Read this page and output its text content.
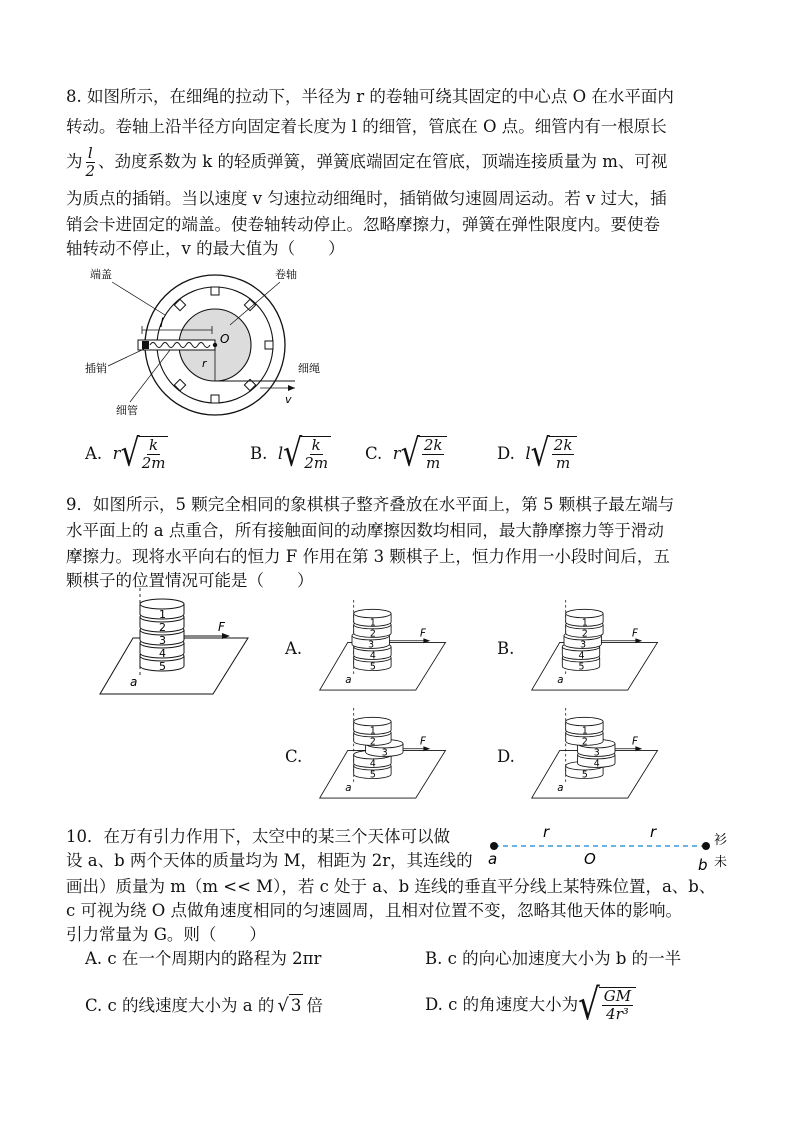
8. 如图所示，在细绳的拉动下，半径为 r 的卷轴可绕其固定的中心点 O 在水平面内
转动。卷轴上沿半径方向固定着长度为 l 的细管，管底在 O 点。细管内有一根原长
为 $\frac{l}{2}$ 、 劲度系数为 k 的轻质弹簧，弹簧底端固定在管底，顶端连接质量为 m、可视
为质点的插销。当以速度 v 匀速拉动细绳时，插销做匀速圆周运动。若 v 过大，插
销会卡进固定的端盖。使卷轴转动停止。忽略摩擦力，弹簧在弹性限度内。要使卷
轴转动不停止，v 的最大值为（　　）
l
O
r
v
端盖	卷轴
插销	细绳
细管
A.
r √ $\frac{k}{2m}$	B.
l √ $\frac{k}{2m} C$.
r √ $\frac{2k}{m}$	D.
l √ $\frac{2k}{m}$
9．如图所示，5 颗完全相同的象棋棋子整齐叠放在水平面上，第 5 颗棋子最左端与
水平面上的 a 点重合，所有接触面间的动摩擦因数均相同，最大静摩擦力等于滑动
摩擦力。现将水平向右的恒力 F 作用在第 3 颗棋子上，恒力作用一小段时间后，五
颗棋子的位置情况可能是（　　）
5
4
3
2
1
F
a
5
4
3
2
1
F
a
A.
5
4
3
2
1
F
a
B.
5
4
3
2
1
F
a
C.
5
4
3
2
1
F
a
D.
10．在万有引力作用下，太空中的某三个天体可以做
设 a、b 两个天体的质量均为 M，相距为 2r，其连线的
画出）质量为 m（m << M），若 c 处于 a、b 连线的垂直平分线上某特殊位置，a、b、
c 可视为绕 O 点做角速度相同的匀速圆周，且相对位置不变，忽略其他天体的影响。
引力常量为 G。则（　　）
r	r
a	O	b
衫
未
A. c 在一个周期内的路程为 2πr	B. c 的向心加速度大小为 b 的一半
C. c 的线速度大小为 a 的 √ 3 倍	D. c 的角速度大小为 √ $\frac{GM}{\text{4r³}}$
